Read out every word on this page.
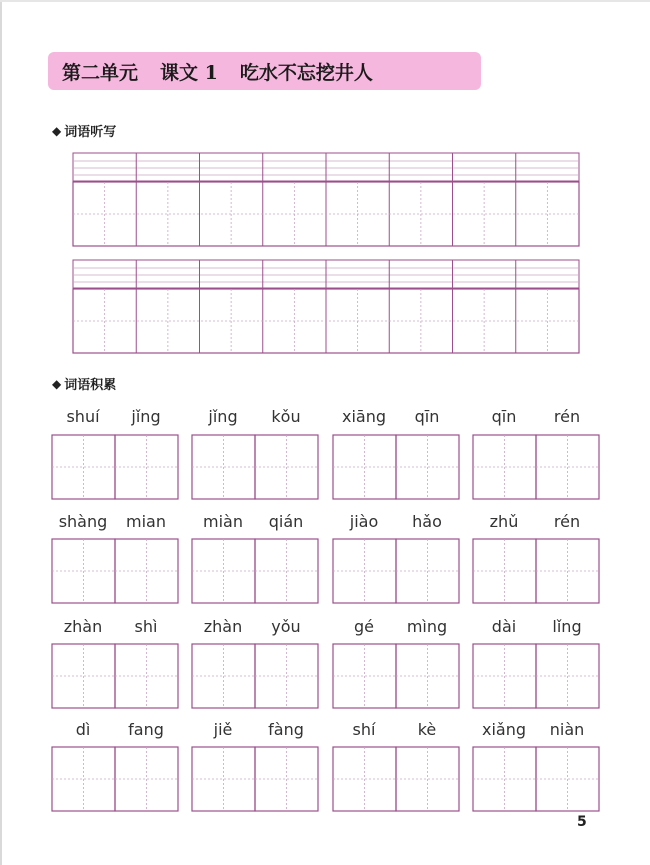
第二单元 课文 1 吃水不忘挖井人
◆ 词语听写
◆ 词语积累
shuí	jǐng	jǐng	kǒu	xiāng	qīn	qīn	rén
shàng	mian	miàn	qián	jiào	hǎo	zhǔ	rén
zhàn	shì	zhàn	yǒu	gé	mìng	dài	lǐng
dì	fang	jiě	fàng	shí	kè	xiǎng	niàn
5
